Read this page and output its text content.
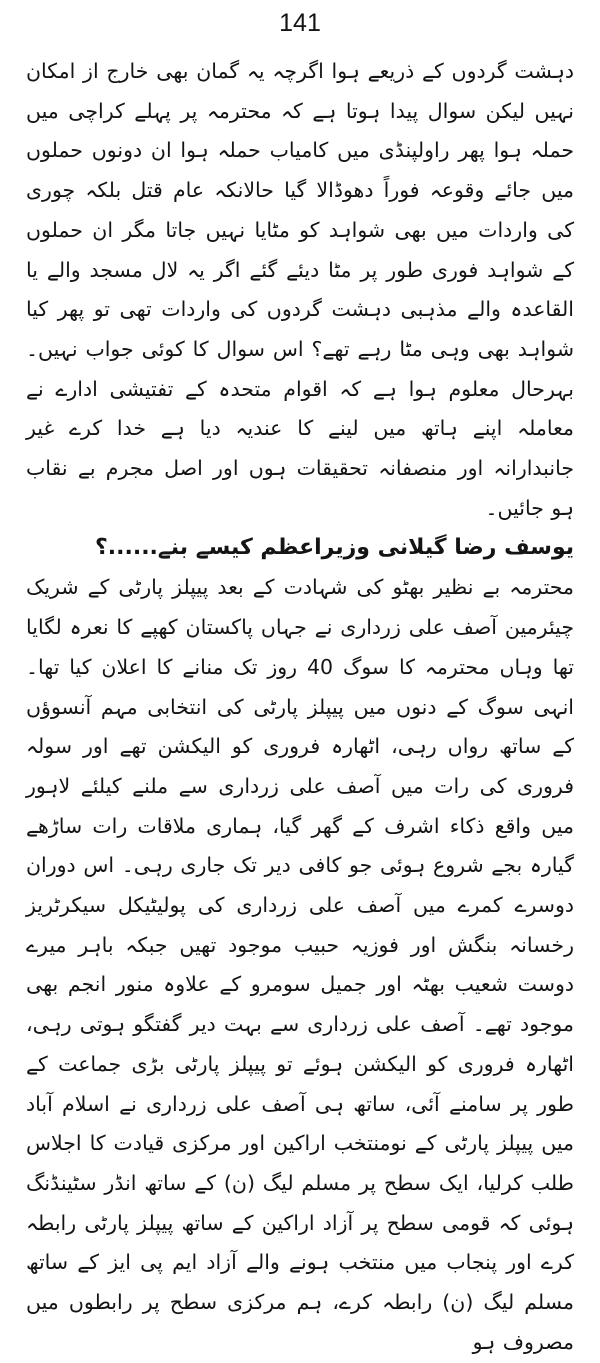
141

دہشت گردوں کے ذریعے ہوا اگرچہ یہ گمان بھی خارج از امکان نہیں لیکن سوال پیدا ہوتا ہے کہ محترمہ پر پہلے کراچی میں حملہ ہوا پھر راولپنڈی میں کامیاب حملہ ہوا ان دونوں حملوں میں جائے وقوعہ فوراً دھوڈالا گیا حالانکہ عام قتل بلکہ چوری کی واردات میں بھی شواہد کو مٹایا نہیں جاتا مگر ان حملوں کے شواہد فوری طور پر مٹا دیئے گئے اگر یہ لال مسجد والے یا القاعدہ والے مذہبی دہشت گردوں کی واردات تھی تو پھر کیا شواہد بھی وہی مٹا رہے تھے؟ اس سوال کا کوئی جواب نہیں۔ بہرحال معلوم ہوا ہے کہ اقوام متحدہ کے تفتیشی ادارے نے معاملہ اپنے ہاتھ میں لینے کا عندیہ دیا ہے خدا کرے غیر جانبدارانہ اور منصفانہ تحقیقات ہوں اور اصل مجرم بے نقاب ہو جائیں۔

یوسف رضا گیلانی وزیراعظم کیسے بنے......؟

محترمہ بے نظیر بھٹو کی شہادت کے بعد پیپلز پارٹی کے شریک چیئرمین آصف علی زرداری نے جہاں پاکستان کھپے کا نعرہ لگایا تھا وہاں محترمہ کا سوگ 40 روز تک منانے کا اعلان کیا تھا۔ انہی سوگ کے دنوں میں پیپلز پارٹی کی انتخابی مہم آنسوؤں کے ساتھ رواں رہی، اٹھارہ فروری کو الیکشن تھے اور سولہ فروری کی رات میں آصف علی زرداری سے ملنے کیلئے لاہور میں واقع ذکاء اشرف کے گھر گیا، ہماری ملاقات رات ساڑھے گیارہ بجے شروع ہوئی جو کافی دیر تک جاری رہی۔ اس دوران دوسرے کمرے میں آصف علی زرداری کی پولیٹیکل سیکرٹریز رخسانہ بنگش اور فوزیہ حبیب موجود تھیں جبکہ باہر میرے دوست شعیب بھٹہ اور جمیل سومرو کے علاوہ منور انجم بھی موجود تھے۔ آصف علی زرداری سے بہت دیر گفتگو ہوتی رہی، اٹھارہ فروری کو الیکشن ہوئے تو پیپلز پارٹی بڑی جماعت کے طور پر سامنے آئی، ساتھ ہی آصف علی زرداری نے اسلام آباد میں پیپلز پارٹی کے نومنتخب اراکین اور مرکزی قیادت کا اجلاس طلب کرلیا، ایک سطح پر مسلم لیگ (ن) کے ساتھ انڈر سٹینڈنگ ہوئی کہ قومی سطح پر آزاد اراکین کے ساتھ پیپلز پارٹی رابطہ کرے اور پنجاب میں منتخب ہونے والے آزاد ایم پی ایز کے ساتھ مسلم لیگ (ن) رابطہ کرے، ہم مرکزی سطح پر رابطوں میں مصروف ہو
